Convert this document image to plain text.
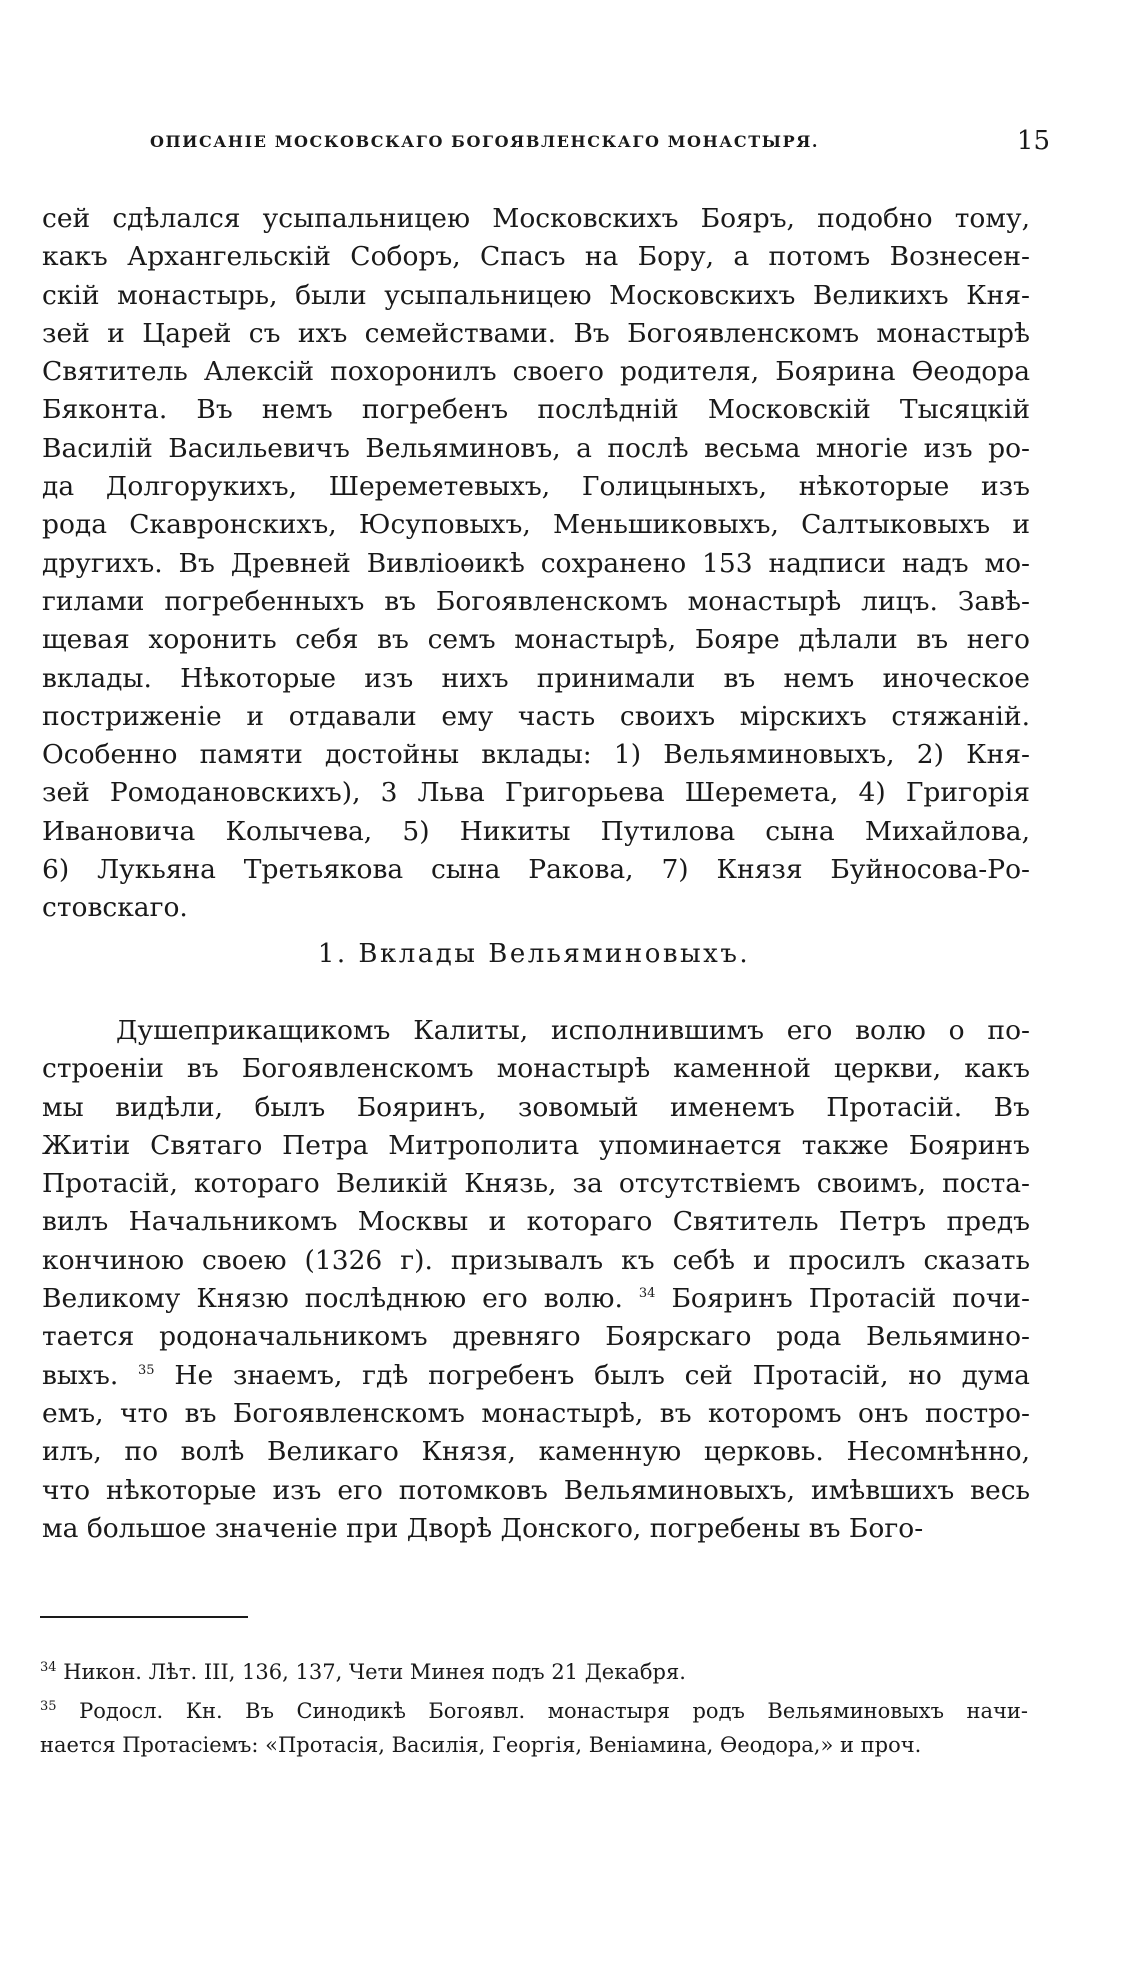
ОПИСАНІЕ МОСКОВСКАГО БОГОЯВЛЕНСКАГО МОНАСТЫРЯ.	15
сей сдѣлался усыпальницею Московскихъ Бояръ, подобно тому,
какъ Архангельскій Соборъ, Спасъ на Бору, а потомъ Вознесен-
скій монастырь, были усыпальницею Московскихъ Великихъ Кня-
зей и Царей съ ихъ семействами. Въ Богоявленскомъ монастырѣ
Святитель Алексій похоронилъ своего родителя, Боярина Ѳеодора
Бяконта. Въ немъ погребенъ послѣдній Московскій Тысяцкій
Василій Васильевичъ Вельяминовъ, а послѣ весьма многіе изъ ро-
да Долгорукихъ, Шереметевыхъ, Голицыныхъ, нѣкоторые изъ
рода Скавронскихъ, Юсуповыхъ, Меньшиковыхъ, Салтыковыхъ и
другихъ. Въ Древней Вивліоѳикѣ сохранено 153 надписи надъ мо-
гилами погребенныхъ въ Богоявленскомъ монастырѣ лицъ. Завѣ-
щевая хоронить себя въ семъ монастырѣ, Бояре дѣлали въ него
вклады. Нѣкоторые изъ нихъ принимали въ немъ иноческое
постриженіе и отдавали ему часть своихъ мірскихъ стяжаній.
Особенно памяти достойны вклады: 1) Вельяминовыхъ, 2) Кня-
зей Ромодановскихъ), 3 Льва Григорьева Шеремета, 4) Григорія
Ивановича Колычева, 5) Никиты Путилова сына Михайлова,
6) Лукьяна Третьякова сына Ракова, 7) Князя Буйносова-Ро-
стовскаго.
1. Вклады Вельяминовыхъ.
Душеприкащикомъ Калиты, исполнившимъ его волю о по-
строеніи въ Богоявленскомъ монастырѣ каменной церкви, какъ
мы видѣли, былъ Бояринъ, зовомый именемъ Протасій. Въ
Житіи Святаго Петра Митрополита упоминается также Бояринъ
Протасій, котораго Великій Князь, за отсутствіемъ своимъ, поста-
вилъ Начальникомъ Москвы и котораго Святитель Петръ предъ
кончиною своею (1326 г). призывалъ къ себѣ и просилъ сказать
Великому Князю послѣднюю его волю. $^{34}$ Бояринъ Протасій почи-
тается родоначальникомъ древняго Боярскаго рода Вельямино-
выхъ. $^{35}$ Не знаемъ, гдѣ погребенъ былъ сей Протасій, но дума
емъ, что въ Богоявленскомъ монастырѣ, въ которомъ онъ постро-
илъ, по волѣ Великаго Князя, каменную церковь. Несомнѣнно,
что нѣкоторые изъ его потомковъ Вельяминовыхъ, имѣвшихъ весь
ма большое значеніе при Дворѣ Донского, погребены въ Бого-
$^{34}$ Никон. Лѣт. III, 136, 137, Чети Минея подъ 21 Декабря.
$^{35}$ Родосл. Кн. Въ Синодикѣ Богоявл. монастыря родъ Вельяминовыхъ начи-
нается Протасіемъ: «Протасія, Василія, Георгія, Веніамина, Ѳеодора,» и проч.
